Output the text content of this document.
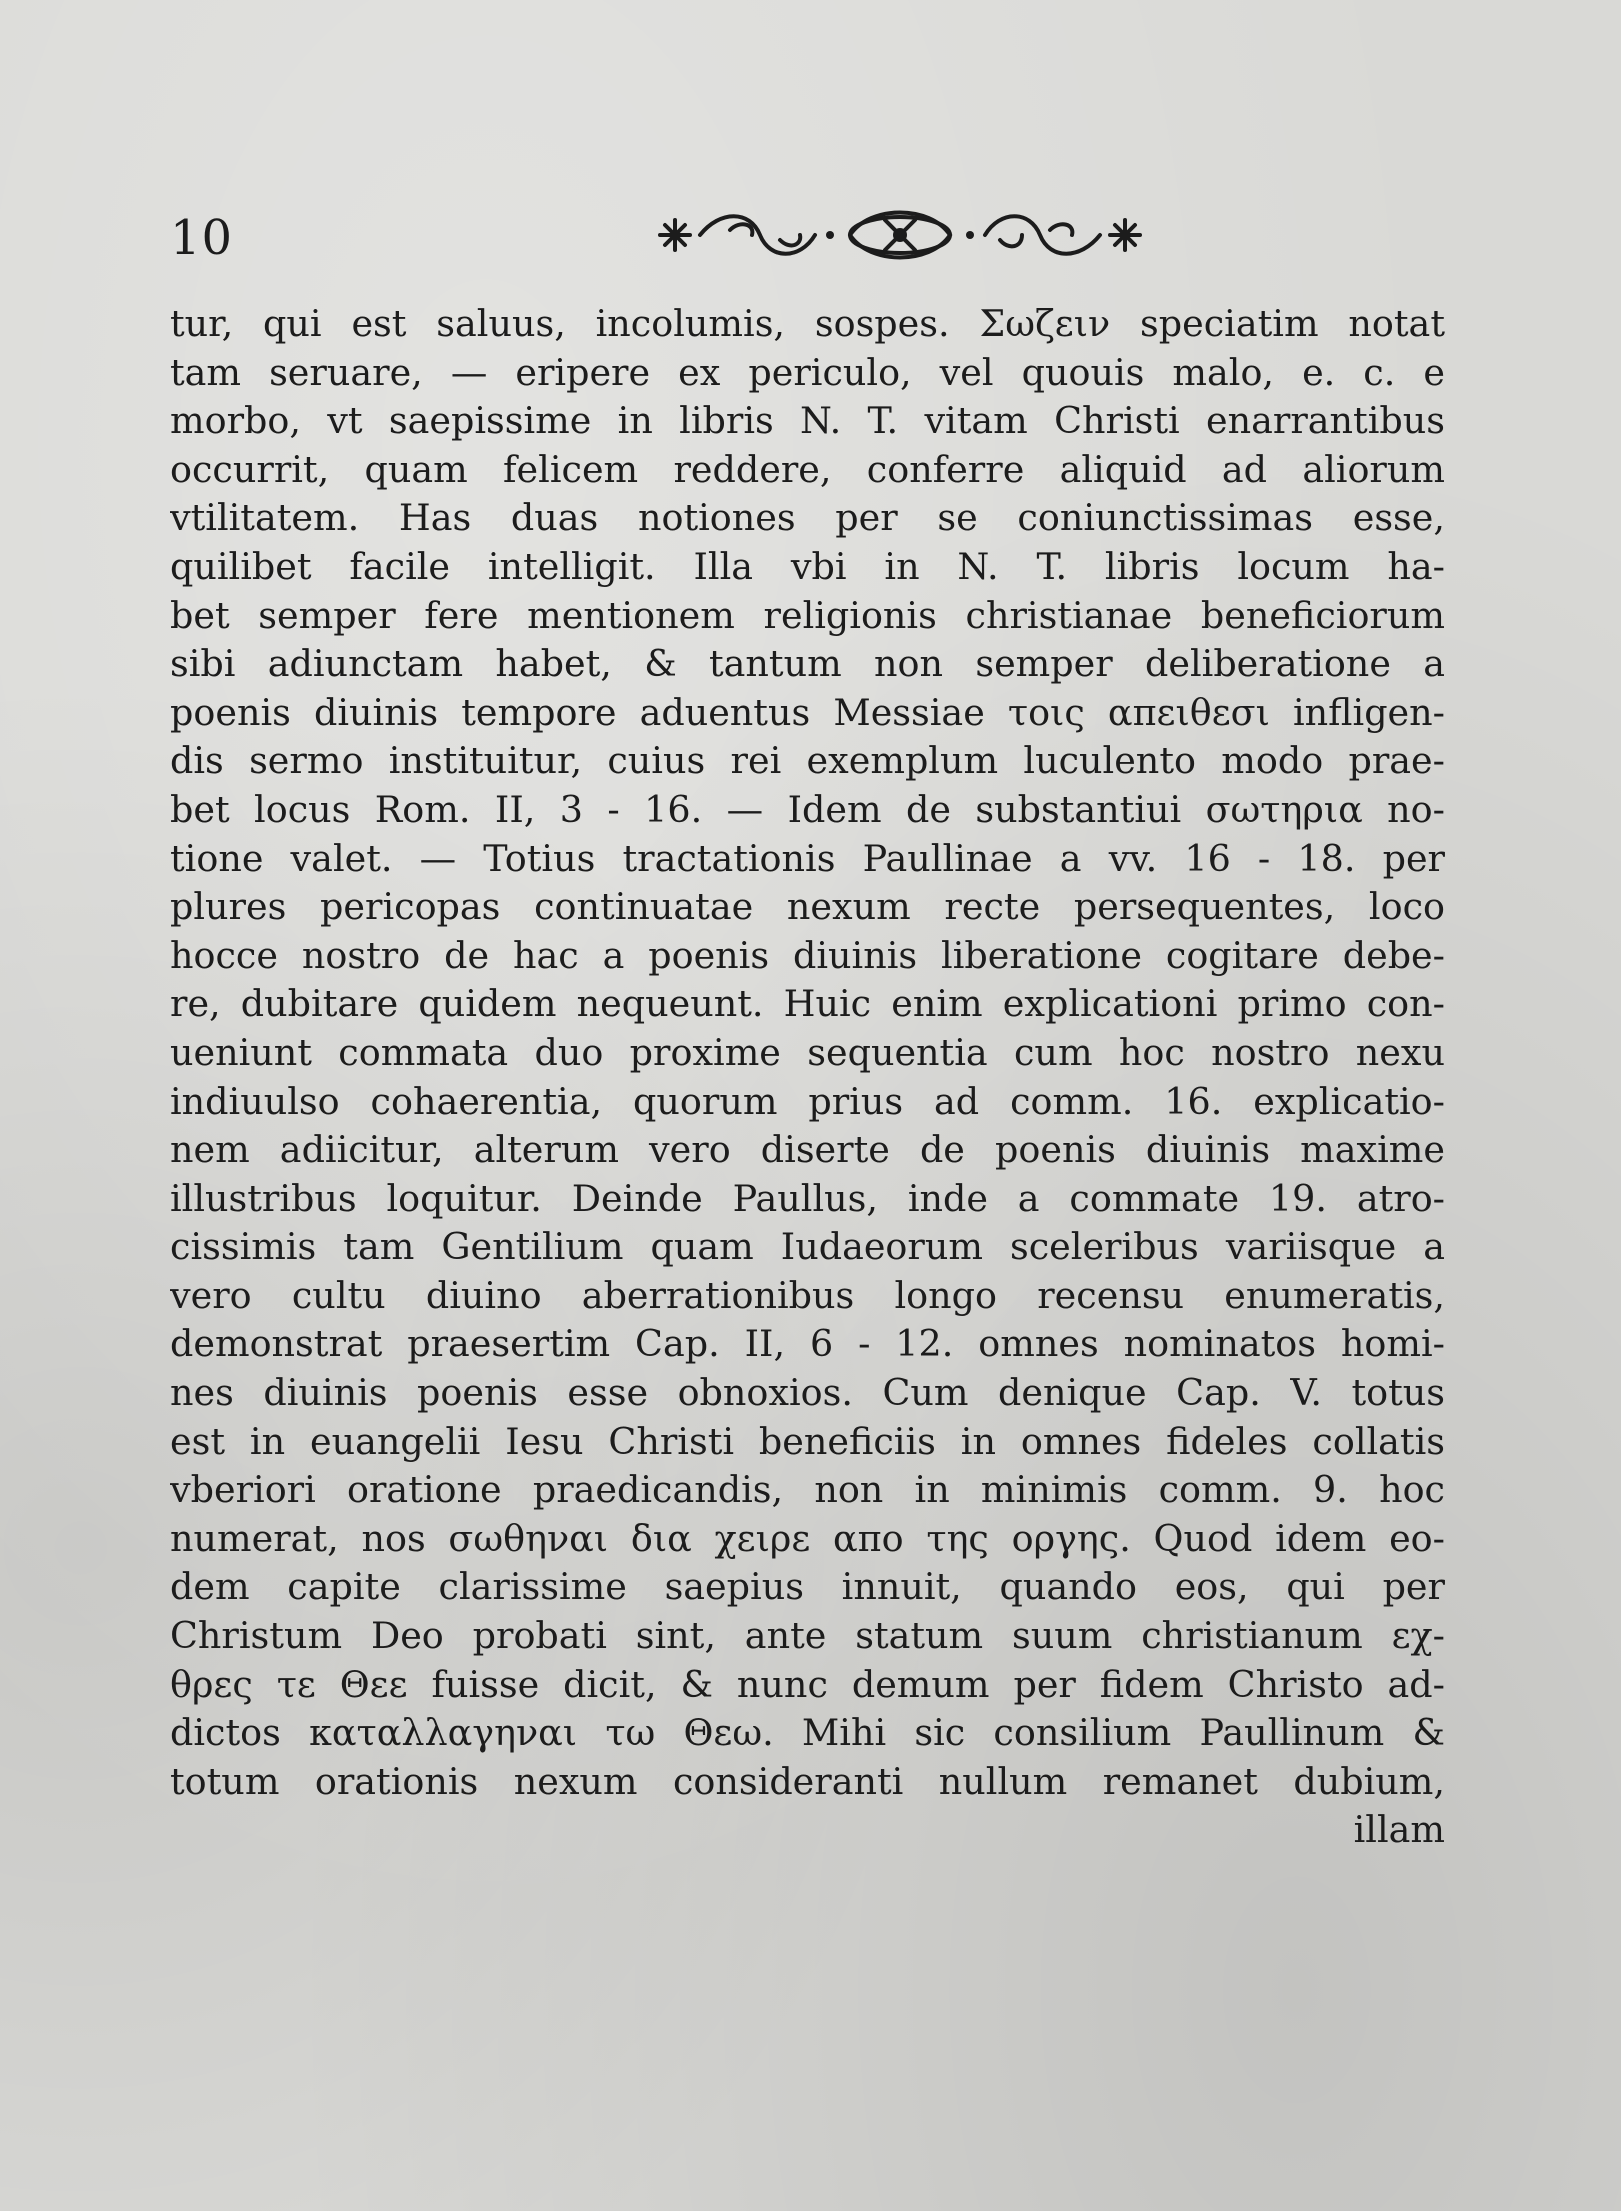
10
tur, qui est saluus, incolumis, sospes. Σωζειν speciatim notat
tam seruare, — eripere ex periculo, vel quouis malo, e. c. e
morbo, vt saepissime in libris N. T. vitam Christi enarrantibus
occurrit, quam felicem reddere, conferre aliquid ad aliorum
vtilitatem. Has duas notiones per se coniunctissimas esse,
quilibet facile intelligit. Illa vbi in N. T. libris locum ha-
bet semper fere mentionem religionis christianae beneficiorum
sibi adiunctam habet, & tantum non semper deliberatione a
poenis diuinis tempore aduentus Messiae τοις απειθεσι infligen-
dis sermo instituitur, cuius rei exemplum luculento modo prae-
bet locus Rom. II, 3 - 16. — Idem de substantiui σωτηρια no-
tione valet. — Totius tractationis Paullinae a vv. 16 - 18. per
plures pericopas continuatae nexum recte persequentes, loco
hocce nostro de hac a poenis diuinis liberatione cogitare debe-
re, dubitare quidem nequeunt. Huic enim explicationi primo con-
ueniunt commata duo proxime sequentia cum hoc nostro nexu
indiuulso cohaerentia, quorum prius ad comm. 16. explicatio-
nem adiicitur, alterum vero diserte de poenis diuinis maxime
illustribus loquitur. Deinde Paullus, inde a commate 19. atro-
cissimis tam Gentilium quam Iudaeorum sceleribus variisque a
vero cultu diuino aberrationibus longo recensu enumeratis,
demonstrat praesertim Cap. II, 6 - 12. omnes nominatos homi-
nes diuinis poenis esse obnoxios. Cum denique Cap. V. totus
est in euangelii Iesu Christi beneficiis in omnes fideles collatis
vberiori oratione praedicandis, non in minimis comm. 9. hoc
numerat, nos σωθηναι δια χειρε απο της οργης. Quod idem eo-
dem capite clarissime saepius innuit, quando eos, qui per
Christum Deo probati sint, ante statum suum christianum εχ-
θρες τε Θεε fuisse dicit, & nunc demum per fidem Christo ad-
dictos καταλλαγηναι τω Θεω. Mihi sic consilium Paullinum &
totum orationis nexum consideranti nullum remanet dubium,
illam
